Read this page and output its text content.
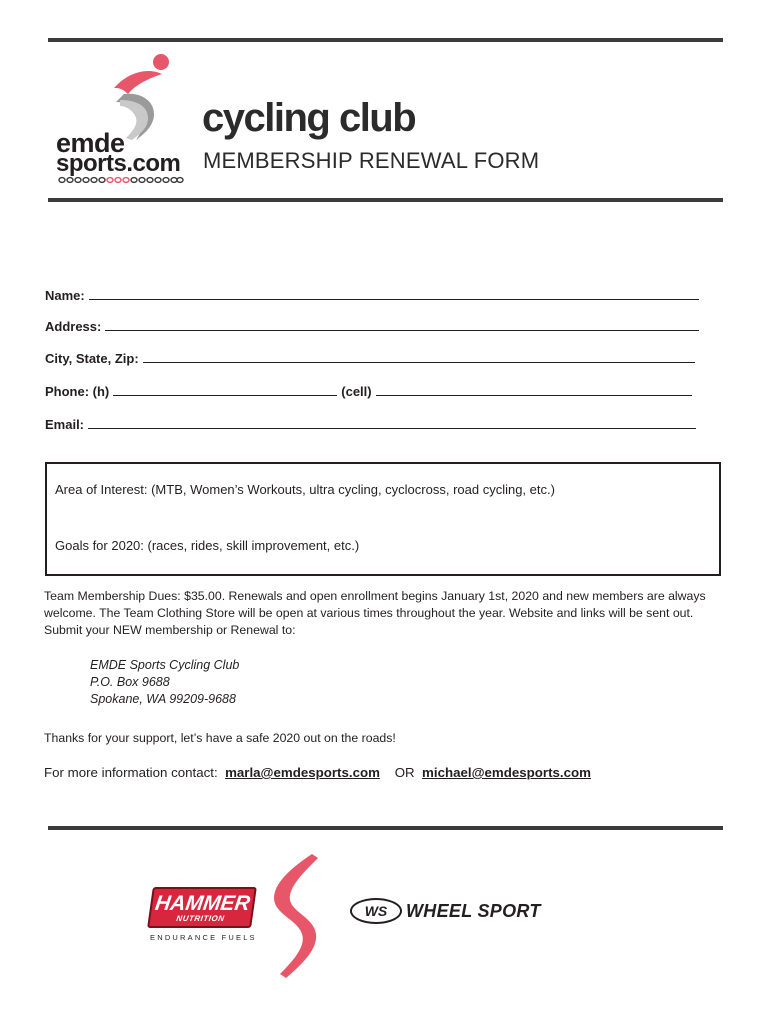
emde
sports.com
cycling club
MEMBERSHIP RENEWAL FORM
Name:
Address:
City, State, Zip:
Phone: (h)	(cell)
Email:
Area of Interest: (MTB, Women’s Workouts, ultra cycling, cyclocross, road cycling, etc.)
Goals for 2020: (races, rides, skill improvement, etc.)
Team Membership Dues: $35.00. Renewals and open enrollment begins January 1st, 2020 and new members are always welcome. The Team Clothing Store will be open at various times throughout the year. Website and links will be sent out. Submit your NEW membership or Renewal to:
EMDE Sports Cycling Club
P.O. Box 9688
Spokane, WA 99209-9688
Thanks for your support, let’s have a safe 2020 out on the roads!
For more information contact: marla@emdesports.com OR michael@emdesports.com
HAMMER
NUTRITION
ENDURANCE FUELS
WS WHEEL SPORT
